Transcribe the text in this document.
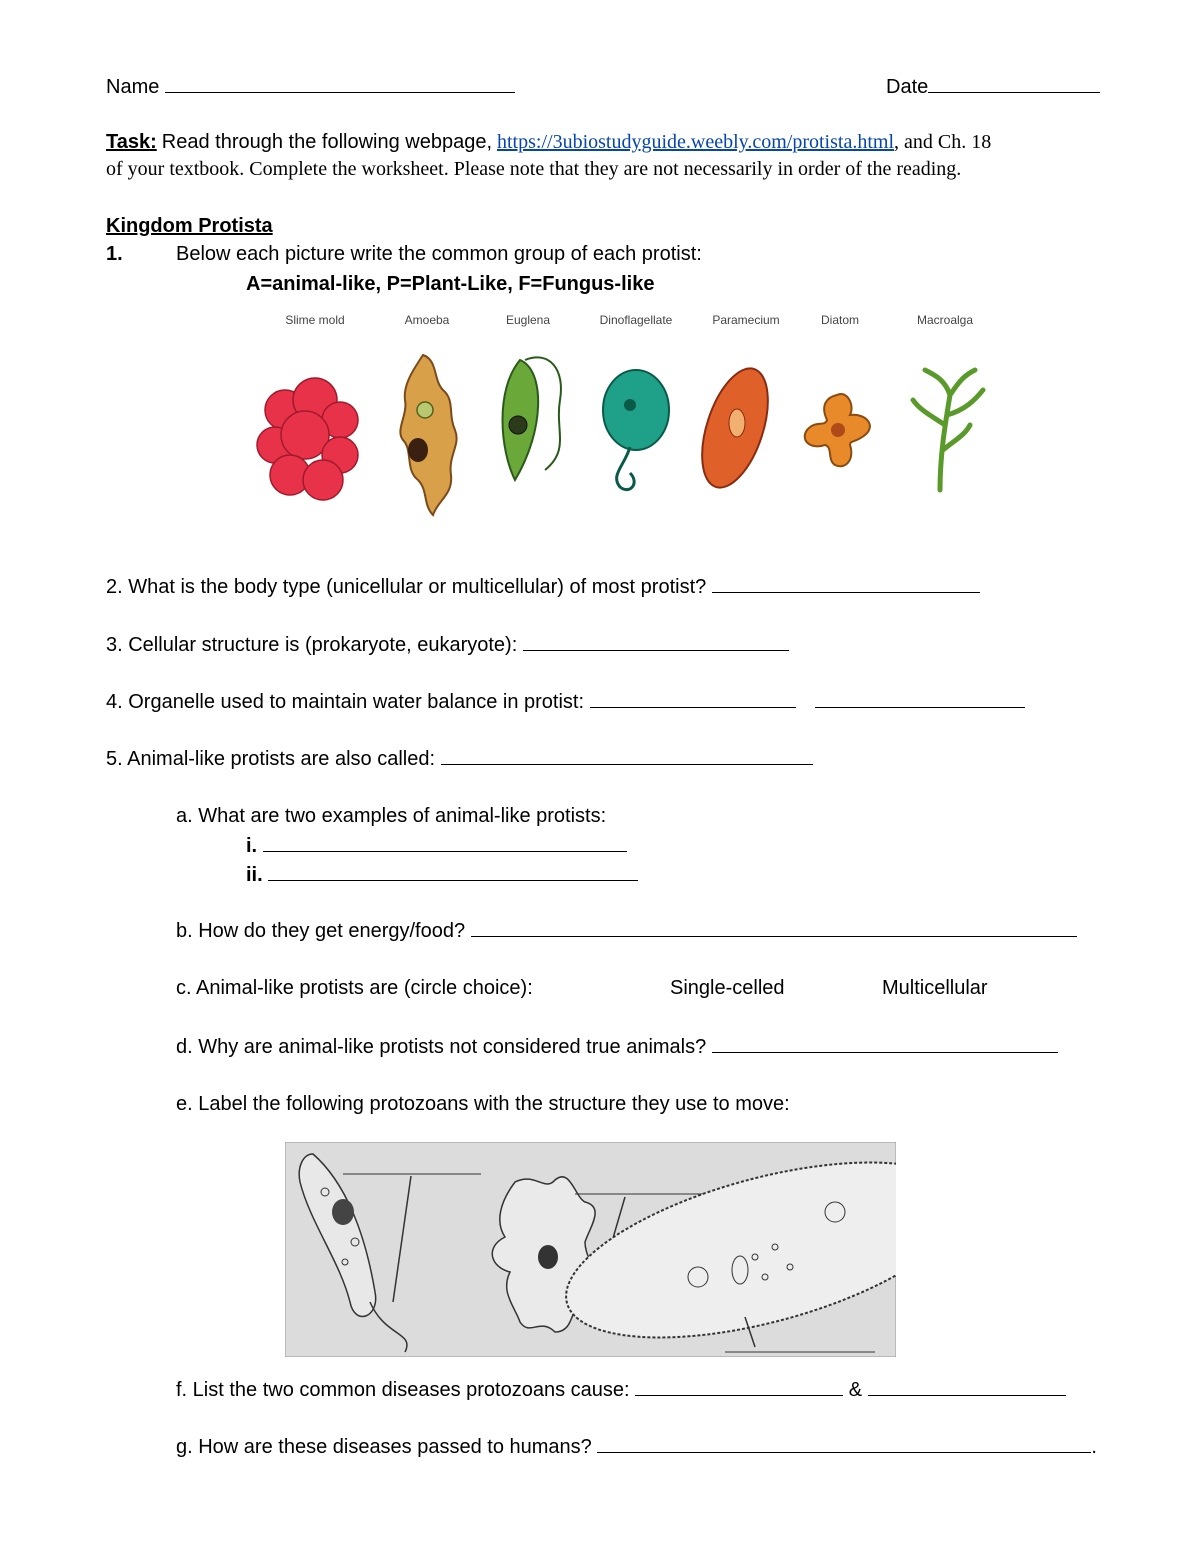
Name	Date
Task: Read through the following webpage, https://3ubiostudyguide.weebly.com/protista.html, and Ch. 18
of your textbook. Complete the worksheet. Please note that they are not necessarily in order of the reading.
Kingdom Protista
1.	Below each picture write the common group of each protist:
A=animal-like, P=Plant-Like, F=Fungus-like
Slime mold	Amoeba	Euglena	Dinoflagellate	Paramecium	Diatom	Macroalga
2. What is the body type (unicellular or multicellular) of most protist?
3. Cellular structure is (prokaryote, eukaryote):
4. Organelle used to maintain water balance in protist:
5. Animal-like protists are also called:
a. What are two examples of animal-like protists:
i.
ii.
b. How do they get energy/food?
c. Animal-like protists are (circle choice):	Single-celled	Multicellular
d. Why are animal-like protists not considered true animals?
e. Label the following protozoans with the structure they use to move:
f. List the two common diseases protozoans cause:	&
g. How are these diseases passed to humans?	.
